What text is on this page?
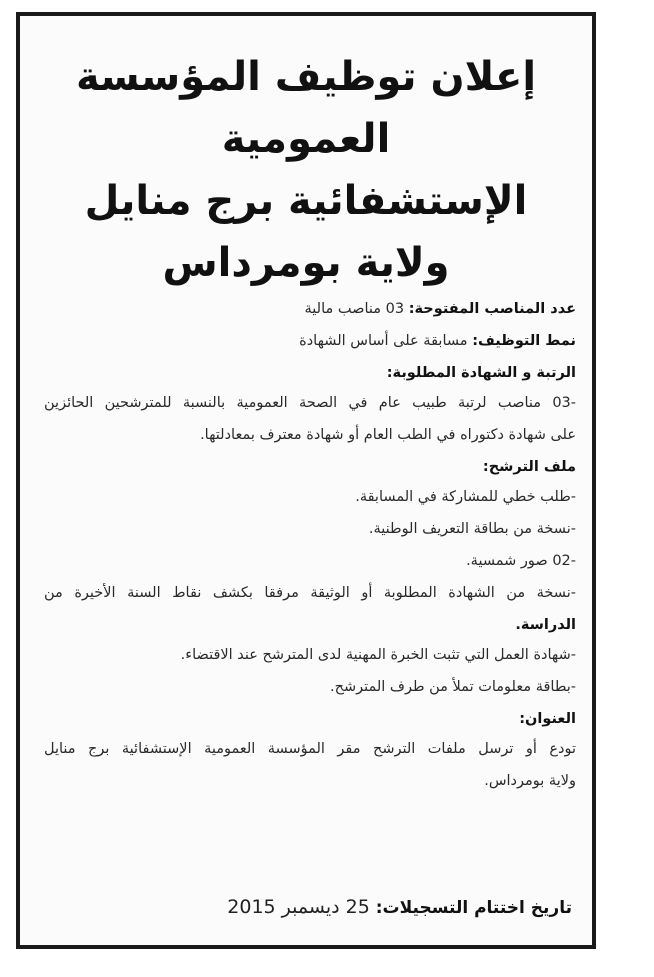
إعلان توظيف المؤسسة العمومية
الإستشفائية برج منايل
ولاية بومرداس
عدد المناصب المفتوحة: 03 مناصب مالية
نمط التوظيف: مسابقة على أساس الشهادة
الرتبة و الشهادة المطلوبة:
-03 مناصب لرتبة طبيب عام في الصحة العمومية بالنسبة للمترشحين الحائزين
على شهادة دكتوراه في الطب العام أو شهادة معترف بمعادلتها.
ملف الترشح:
-طلب خطي للمشاركة في المسابقة.
-نسخة من بطاقة التعريف الوطنية.
-02 صور شمسية.
-نسخة من الشهادة المطلوبة أو الوثيقة مرفقا بكشف نقاط السنة الأخيرة من
الدراسة.
-شهادة العمل التي تثبت الخبرة المهنية لدى المترشح عند الاقتضاء.
-بطاقة معلومات تملأ من طرف المترشح.
العنوان:
تودع أو ترسل ملفات الترشح مقر المؤسسة العمومية الإستشفائية برج منايل
ولاية بومرداس.
تاريخ اختتام التسجيلات: 25 ديسمبر 2015
